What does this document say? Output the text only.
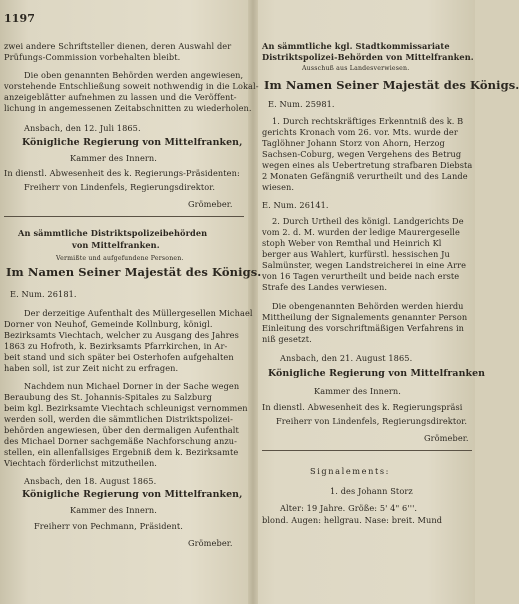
1197
zwei andere Schriftsteller dienen, deren Auswahl der
Prüfungs-Commission vorbehalten bleibt.
Die oben genannten Behörden werden angewiesen,
vorstehende Entschließung soweit nothwendig in die Lokal-
anzeigeblätter aufnehmen zu lassen und die Veröffent-
lichung in angemessenen Zeitabschnitten zu wiederholen.
Ansbach, den 12. Juli 1865.
Königliche Regierung von Mittelfranken,
Kammer des Innern.
In dienstl. Abwesenheit des k. Regierungs-Präsidenten:
Freiherr von Lindenfels, Regierungsdirektor.
Grömeber.
An sämmtliche Distriktspolizeibehörden
von Mittelfranken.
Vermißte und aufgefundene Personen.
Im Namen Seiner Majestät des Königs.
E. Num. 26181.
Der derzeitige Aufenthalt des Müllergesellen Michael
Dorner von Neuhof, Gemeinde Kollnburg, königl.
Bezirksamts Viechtach, welcher zu Ausgang des Jahres
1863 zu Hofroth, k. Bezirksamts Pfarrkirchen, in Ar-
beit stand und sich später bei Osterhofen aufgehalten
haben soll, ist zur Zeit nicht zu erfragen.
Nachdem nun Michael Dorner in der Sache wegen
Beraubung des St. Johannis-Spitales zu Salzburg
beim kgl. Bezirksamte Viechtach schleunigst vernommen
werden soll, werden die sämmtlichen Distriktspolizei-
behörden angewiesen, über den dermaligen Aufenthalt
des Michael Dorner sachgemäße Nachforschung anzu-
stellen, ein allenfallsiges Ergebniß dem k. Bezirksamte
Viechtach förderlichst mitzutheilen.
Ansbach, den 18. August 1865.
Königliche Regierung von Mittelfranken,
Kammer des Innern.
Freiherr von Pechmann, Präsident.
Grömeber.
An sämmtliche kgl. Stadtkommissariate
Distriktspolizei-Behörden von Mittelfranken.
Ausschuß aus Landesverwiesen.
Im Namen Seiner Majestät des Königs.
E. Num. 25981.
1. Durch rechtskräftiges Erkenntniß des k. B
gerichts Kronach vom 26. vor. Mts. wurde der
Taglöhner Johann Storz von Ahorn, Herzog
Sachsen-Coburg, wegen Vergehens des Betrug
wegen eines als Uebertretung strafbaren Diebsta
2 Monaten Gefängniß verurtheilt und des Lande
wiesen.
E. Num. 26141.
2. Durch Urtheil des königl. Landgerichts De
vom 2. d. M. wurden der ledige Maurergeselle
stoph Weber von Remthal und Heinrich Kl
berger aus Wahlert, kurfürstl. hessischen Ju
Salmünster, wegen Landstreicherei in eine Arre
von 16 Tagen verurtheilt und beide nach erste
Strafe des Landes verwiesen.
Die obengenannten Behörden werden hierdu
Mittheilung der Signalements genannter Person
Einleitung des vorschriftmäßigen Verfahrens in
niß gesetzt.
Ansbach, den 21. August 1865.
Königliche Regierung von Mittelfranken
Kammer des Innern.
In dienstl. Abwesenheit des k. Regierungspräsi
Freiherr von Lindenfels, Regierungsdirektor.
Grömeber.
Signalements:
1. des Johann Storz
Alter: 19 Jahre. Größe: 5' 4" 6'''.
blond. Augen: hellgrau. Nase: breit. Mund
